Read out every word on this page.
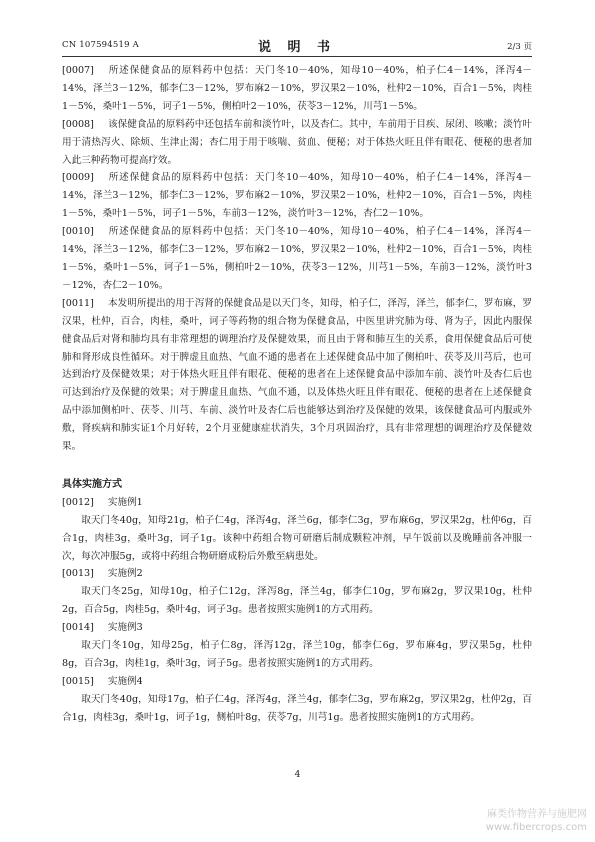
CN 107594519 A	说 明 书	2/3 页

[0007] 所述保健食品的原料药中包括：天门冬10－40%，知母10－40%，柏子仁4－14%，泽泻4－14%，泽兰3－12%，郁李仁3－12%，罗布麻2－10%，罗汉果2－10%，杜仲2－10%，百合1－5%，肉桂1－5%，桑叶1－5%，诃子1－5%，侧柏叶2－10%，茯苓3－12%，川芎1－5%。

[0008] 该保健食品的原料药中还包括车前和淡竹叶，以及杏仁。其中，车前用于目疾、尿闭、咳嗽；淡竹叶用于清热泻火、除烦、生津止渴；杏仁用于用于咳喘、贫血、便秘；对于体热火旺且伴有眼花、便秘的患者加入此三种药物可提高疗效。

[0009] 所述保健食品的原料药中包括：天门冬10－40%，知母10－40%，柏子仁4－14%，泽泻4－14%，泽兰3－12%，郁李仁3－12%，罗布麻2－10%，罗汉果2－10%，杜仲2－10%，百合1－5%，肉桂1－5%，桑叶1－5%，诃子1－5%，车前3－12%，淡竹叶3－12%，杏仁2－10%。

[0010] 所述保健食品的原料药中包括：天门冬10－40%，知母10－40%，柏子仁4－14%，泽泻4－14%，泽兰3－12%，郁李仁3－12%，罗布麻2－10%，罗汉果2－10%，杜仲2－10%，百合1－5%，肉桂1－5%，桑叶1－5%，诃子1－5%，侧柏叶2－10%，茯苓3－12%，川芎1－5%，车前3－12%，淡竹叶3－12%，杏仁2－10%。

[0011] 本发明所提出的用于泻肾的保健食品是以天门冬，知母，柏子仁，泽泻，泽兰，郁李仁，罗布麻，罗汉果，杜仲，百合，肉桂，桑叶，诃子等药物的组合物为保健食品，中医里讲究肺为母、肾为子，因此内服保健食品后对肾和肺均具有非常理想的调理治疗及保健效果，而且由于肾和肺互生的关系，食用保健食品后可使肺和肾形成良性循环。对于脾虚且血热、气血不通的患者在上述保健食品中加了侧柏叶、茯苓及川芎后，也可达到治疗及保健效果；对于体热火旺且伴有眼花、便秘的患者在上述保健食品中添加车前、淡竹叶及杏仁后也可达到治疗及保健的效果；对于脾虚且血热、气血不通，以及体热火旺且伴有眼花、便秘的患者在上述保健食品中添加侧柏叶、茯苓、川芎、车前、淡竹叶及杏仁后也能够达到治疗及保健的效果，该保健食品可内服或外敷，肾疾病和肺实证1个月好转，2个月亚健康症状消失，3个月巩固治疗，具有非常理想的调理治疗及保健效果。

具体实施方式

[0012] 实施例1

取天门冬40g，知母21g，柏子仁4g，泽泻4g，泽兰6g，郁李仁3g，罗布麻6g，罗汉果2g，杜仲6g，百合1g，肉桂3g，桑叶3g，诃子1g。该种中药组合物可研磨后制成颗粒冲剂，早午饭前以及晚睡前各冲服一次，每次冲服5g，或将中药组合物研磨成粉后外敷至病患处。

[0013] 实施例2

取天门冬25g，知母10g，柏子仁12g，泽泻8g，泽兰4g，郁李仁10g，罗布麻2g，罗汉果10g，杜仲2g，百合5g，肉桂5g，桑叶4g，诃子3g。患者按照实施例1的方式用药。

[0014] 实施例3

取天门冬10g，知母25g，柏子仁8g，泽泻12g，泽兰10g，郁李仁6g，罗布麻4g，罗汉果5g，杜仲8g，百合3g，肉桂1g，桑叶3g，诃子5g。患者按照实施例1的方式用药。

[0015] 实施例4

取天门冬40g，知母17g，柏子仁4g，泽泻4g，泽兰4g，郁李仁3g，罗布麻2g，罗汉果2g，杜仲2g，百合1g，肉桂3g，桑叶1g，诃子1g，侧柏叶8g，茯苓7g，川芎1g。患者按照实施例1的方式用药。

4
麻类作物营养与施肥网
www.fibercrops.com
